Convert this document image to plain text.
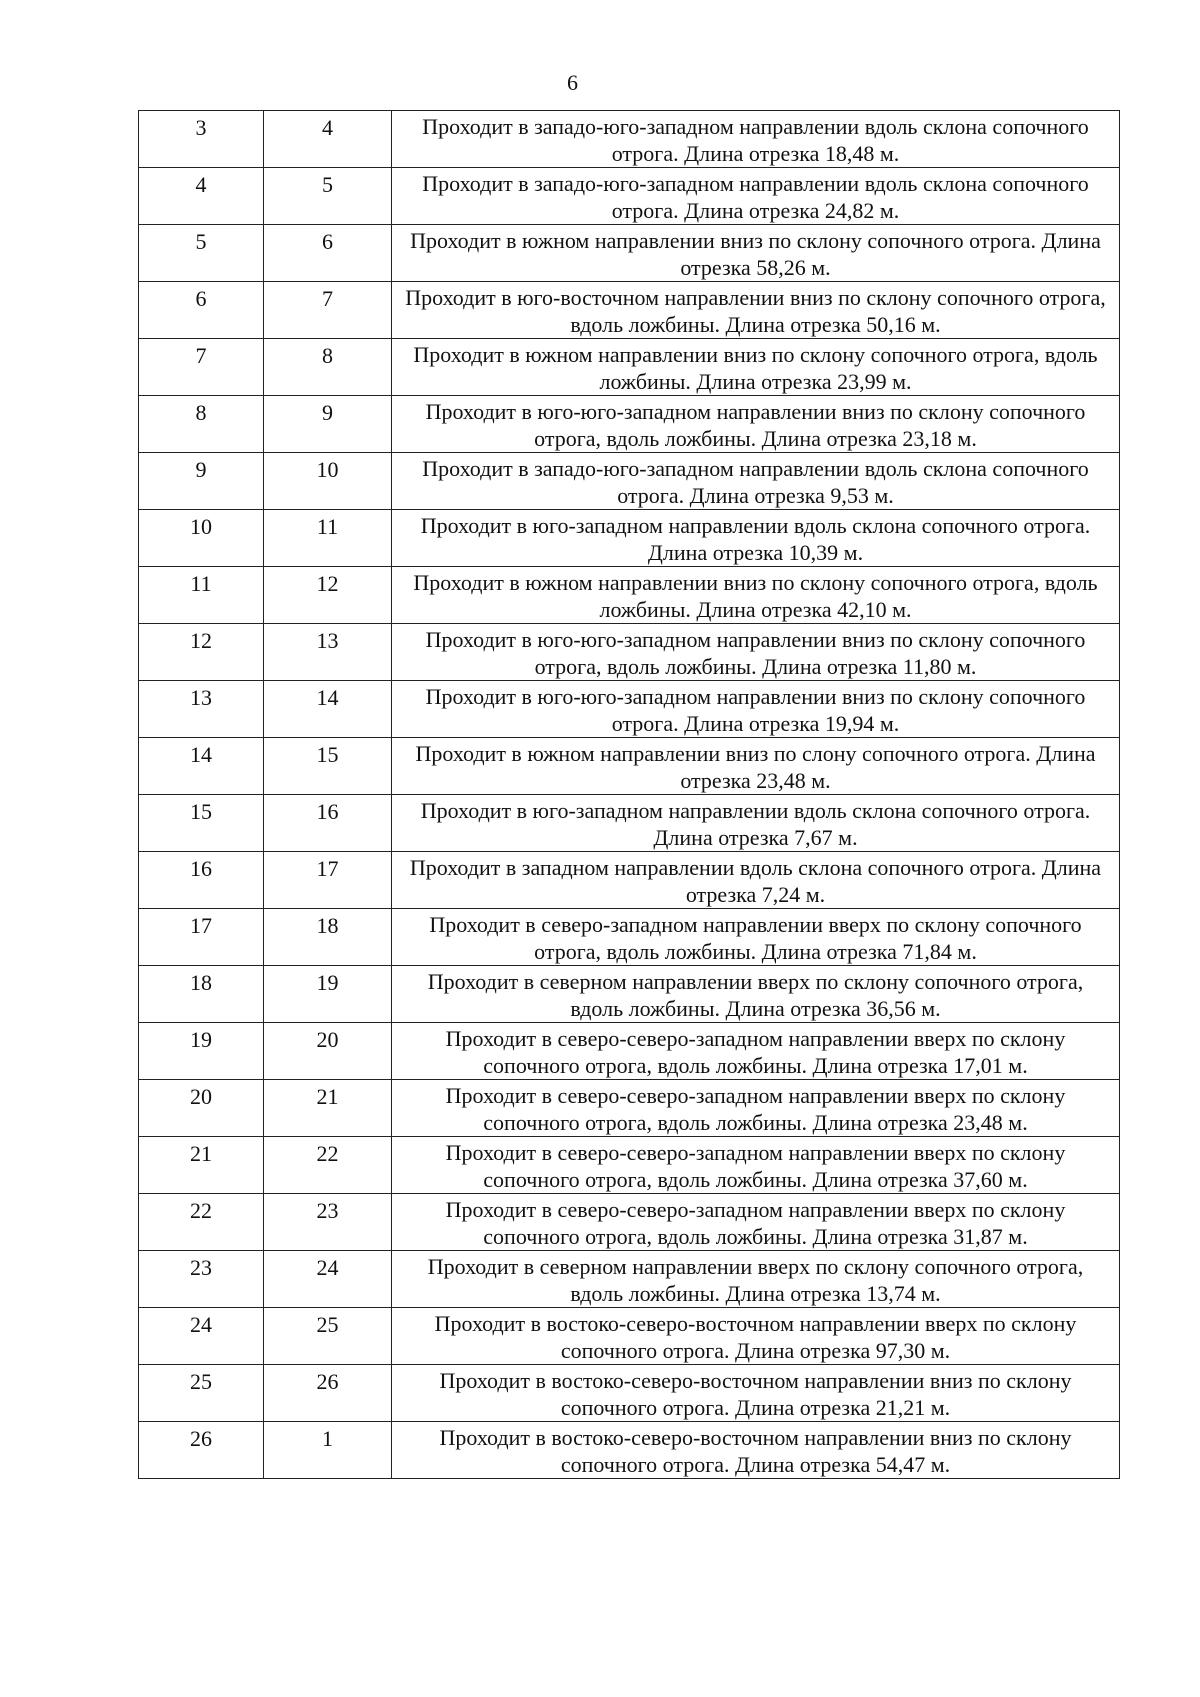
6
3	4	Проходит в западо-юго-западном направлении вдоль склона сопочного отрога. Длина отрезка 18,48 м.
4	5	Проходит в западо-юго-западном направлении вдоль склона сопочного отрога. Длина отрезка 24,82 м.
5	6	Проходит в южном направлении вниз по склону сопочного отрога. Длина отрезка 58,26 м.
6	7	Проходит в юго-восточном направлении вниз по склону сопочного отрога, вдоль ложбины. Длина отрезка 50,16 м.
7	8	Проходит в южном направлении вниз по склону сопочного отрога, вдоль ложбины. Длина отрезка 23,99 м.
8	9	Проходит в юго-юго-западном направлении вниз по склону сопочного отрога, вдоль ложбины. Длина отрезка 23,18 м.
9	10	Проходит в западо-юго-западном направлении вдоль склона сопочного отрога. Длина отрезка 9,53 м.
10	11	Проходит в юго-западном направлении вдоль склона сопочного отрога. Длина отрезка 10,39 м.
11	12	Проходит в южном направлении вниз по склону сопочного отрога, вдоль ложбины. Длина отрезка 42,10 м.
12	13	Проходит в юго-юго-западном направлении вниз по склону сопочного отрога, вдоль ложбины. Длина отрезка 11,80 м.
13	14	Проходит в юго-юго-западном направлении вниз по склону сопочного отрога. Длина отрезка 19,94 м.
14	15	Проходит в южном направлении вниз по слону сопочного отрога. Длина отрезка 23,48 м.
15	16	Проходит в юго-западном направлении вдоль склона сопочного отрога. Длина отрезка 7,67 м.
16	17	Проходит в западном направлении вдоль склона сопочного отрога. Длина отрезка 7,24 м.
17	18	Проходит в северо-западном направлении вверх по склону сопочного отрога, вдоль ложбины. Длина отрезка 71,84 м.
18	19	Проходит в северном направлении вверх по склону сопочного отрога, вдоль ложбины. Длина отрезка 36,56 м.
19	20	Проходит в северо-северо-западном направлении вверх по склону сопочного отрога, вдоль ложбины. Длина отрезка 17,01 м.
20	21	Проходит в северо-северо-западном направлении вверх по склону сопочного отрога, вдоль ложбины. Длина отрезка 23,48 м.
21	22	Проходит в северо-северо-западном направлении вверх по склону сопочного отрога, вдоль ложбины. Длина отрезка 37,60 м.
22	23	Проходит в северо-северо-западном направлении вверх по склону сопочного отрога, вдоль ложбины. Длина отрезка 31,87 м.
23	24	Проходит в северном направлении вверх по склону сопочного отрога, вдоль ложбины. Длина отрезка 13,74 м.
24	25	Проходит в востоко-северо-восточном направлении вверх по склону сопочного отрога. Длина отрезка 97,30 м.
25	26	Проходит в востоко-северо-восточном направлении вниз по склону сопочного отрога. Длина отрезка 21,21 м.
26	1	Проходит в востоко-северо-восточном направлении вниз по склону сопочного отрога. Длина отрезка 54,47 м.
